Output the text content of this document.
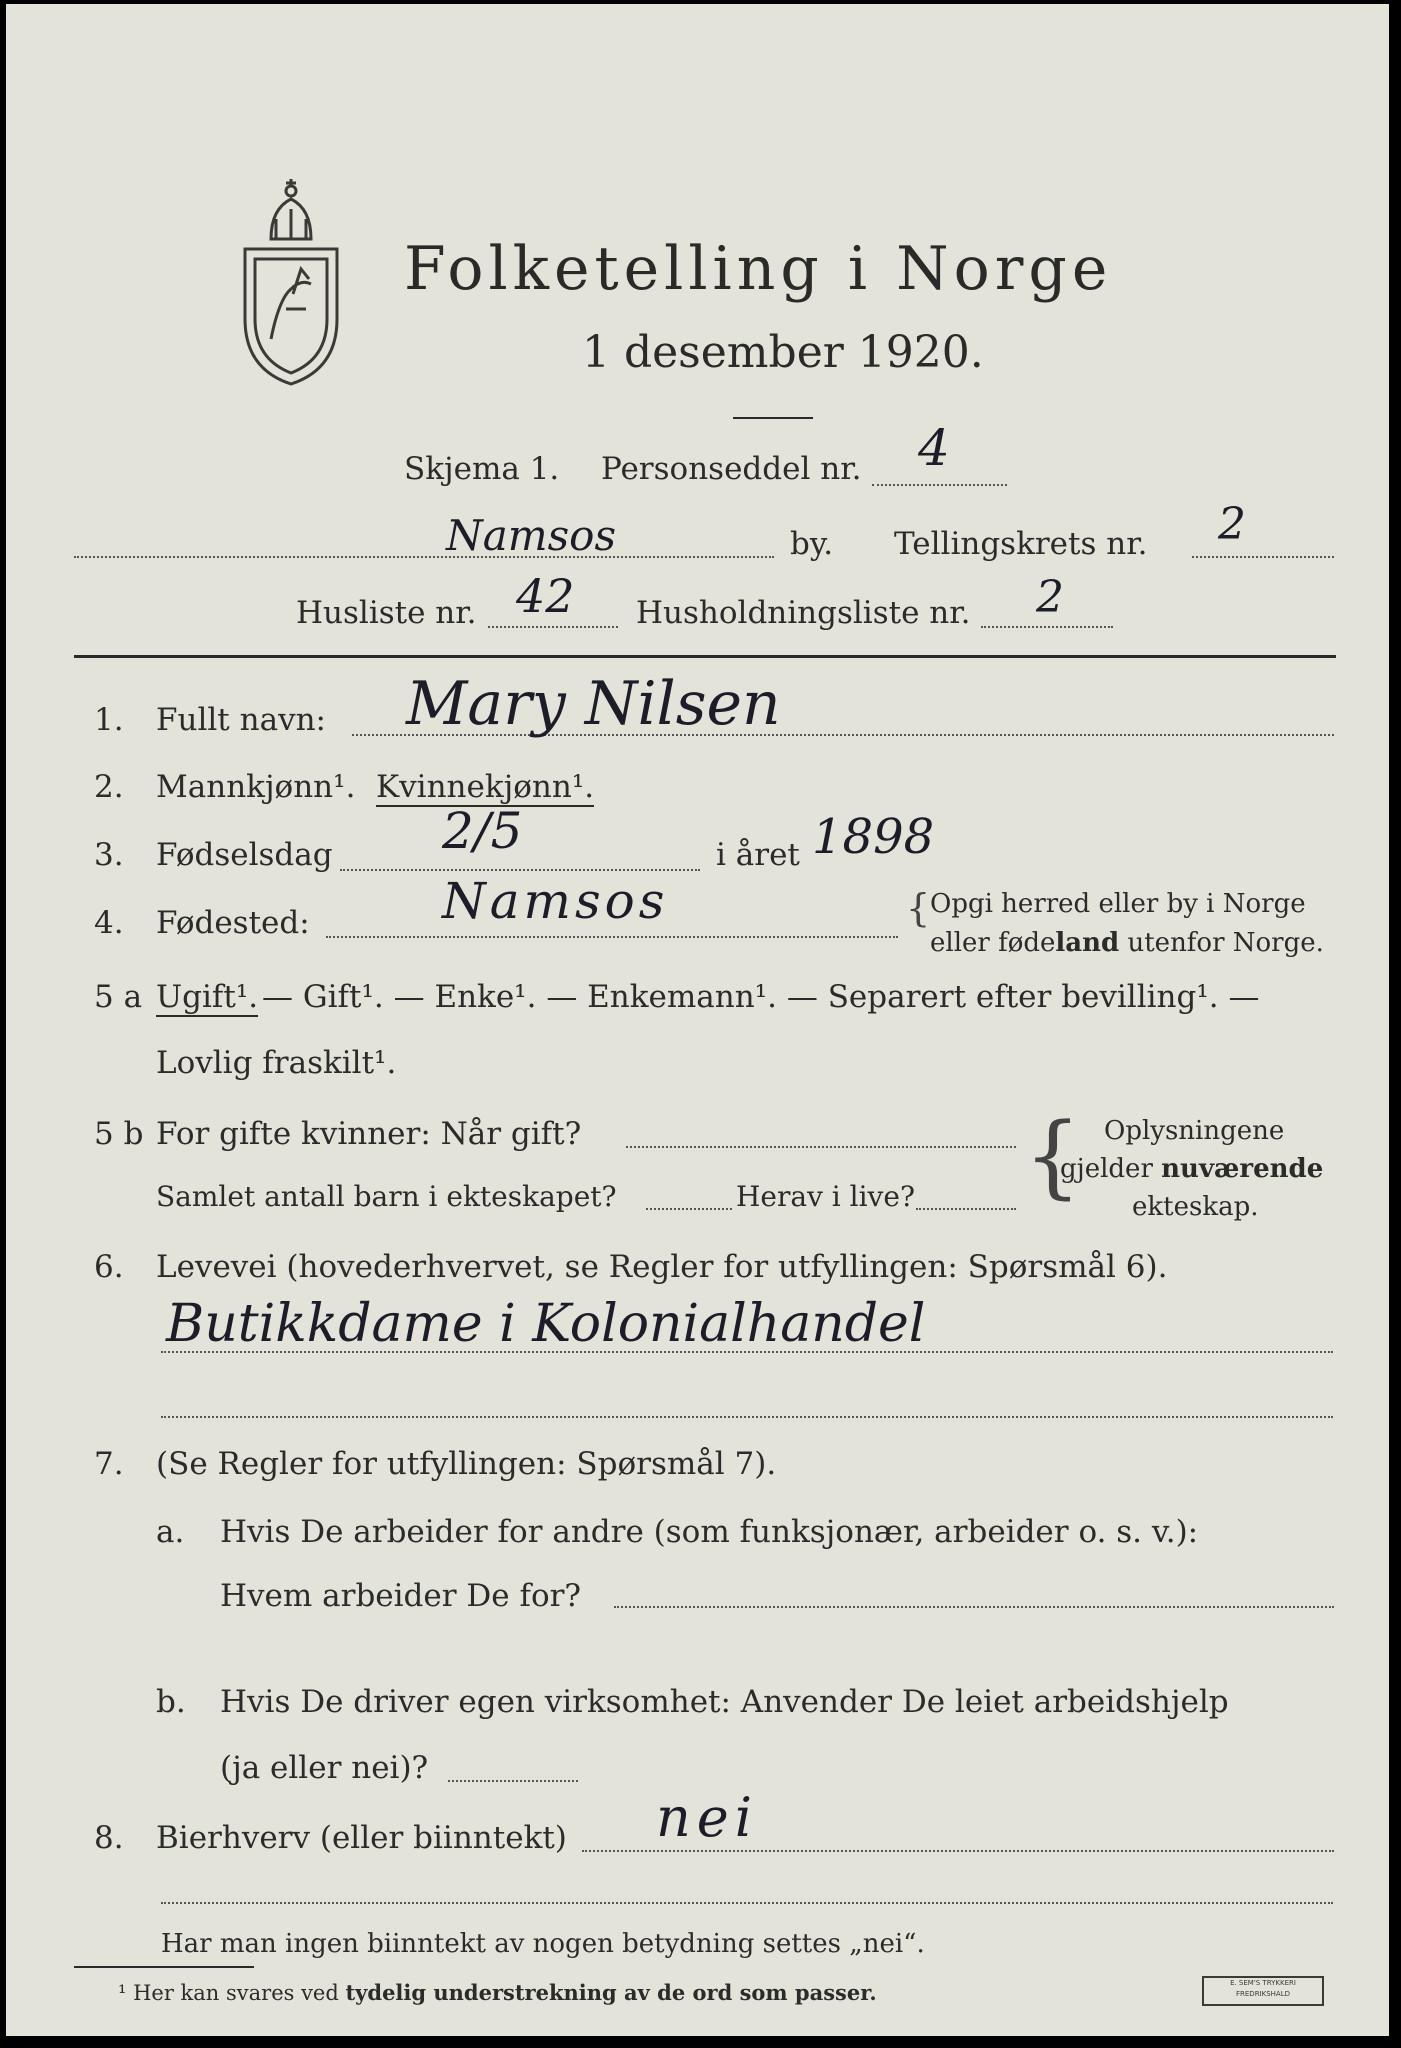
Folketelling i Norge
1 desember 1920.
Skjema 1. Personseddel nr. 4
Namsos	by. Tellingskrets nr. 2
Husliste nr. 42 Husholdningsliste nr. 2
1. Fullt navn: Mary Nilsen
2. Mannkjønn¹. Kvinnekjønn¹.
3. Fødselsdag 2/5	i året 1898
4. Fødested:	Namsos	{ Opgi herred eller by i Norge
eller fødeland utenfor Norge.
5 a Ugift¹. — Gift¹. — Enke¹. — Enkemann¹. — Separert efter bevilling¹. —
Lovlig fraskilt¹.
5 b For gifte kvinner: Når gift?
Samlet antall barn i ekteskapet?	Herav i live? { Oplysningene
gjelder nuværende
ekteskap.
6. Levevei (hovederhvervet, se Regler for utfyllingen: Spørsmål 6).
Butikkdame i Kolonialhandel
7. (Se Regler for utfyllingen: Spørsmål 7).
a. Hvis De arbeider for andre (som funksjonær, arbeider o. s. v.):
Hvem arbeider De for?
b. Hvis De driver egen virksomhet: Anvender De leiet arbeidshjelp
(ja eller nei)?
8. Bierhverv (eller biinntekt) nei
Har man ingen biinntekt av nogen betydning settes „nei“.
¹ Her kan svares ved tydelig understrekning av de ord som passer.	E. SEM'S TRYKKERI
FREDRIKSHALD
